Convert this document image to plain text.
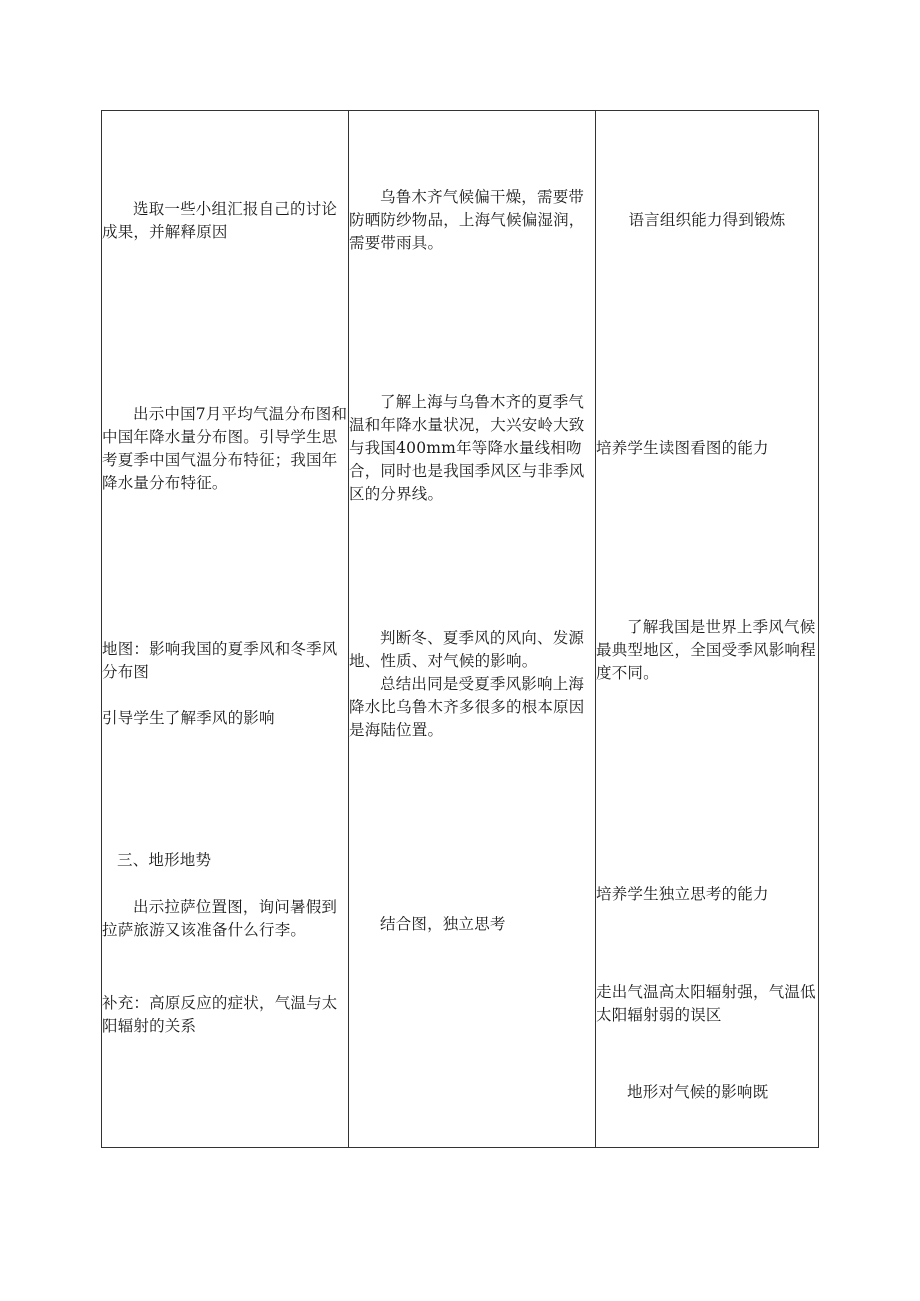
选取一些小组汇报自己的讨论成果，并解释原因

乌鲁木齐气候偏干燥，需要带防晒防纱物品，上海气候偏湿润，需要带雨具。

语言组织能力得到锻炼

出示中国7月平均气温分布图和中国年降水量分布图。引导学生思考夏季中国气温分布特征；我国年降水量分布特征。

了解上海与乌鲁木齐的夏季气温和年降水量状况，大兴安岭大致与我国400mm年等降水量线相吻合，同时也是我国季风区与非季风区的分界线。

培养学生读图看图的能力

地图：影响我国的夏季风和冬季风分布图

引导学生了解季风的影响

判断冬、夏季风的风向、发源地、性质、对气候的影响。

总结出同是受夏季风影响上海降水比乌鲁木齐多很多的根本原因是海陆位置。

了解我国是世界上季风气候最典型地区，全国受季风影响程度不同。

三、地形地势

出示拉萨位置图，询问暑假到拉萨旅游又该准备什么行李。

补充：高原反应的症状，气温与太阳辐射的关系

结合图，独立思考

培养学生独立思考的能力

走出气温高太阳辐射强，气温低太阳辐射弱的误区

地形对气候的影响既
